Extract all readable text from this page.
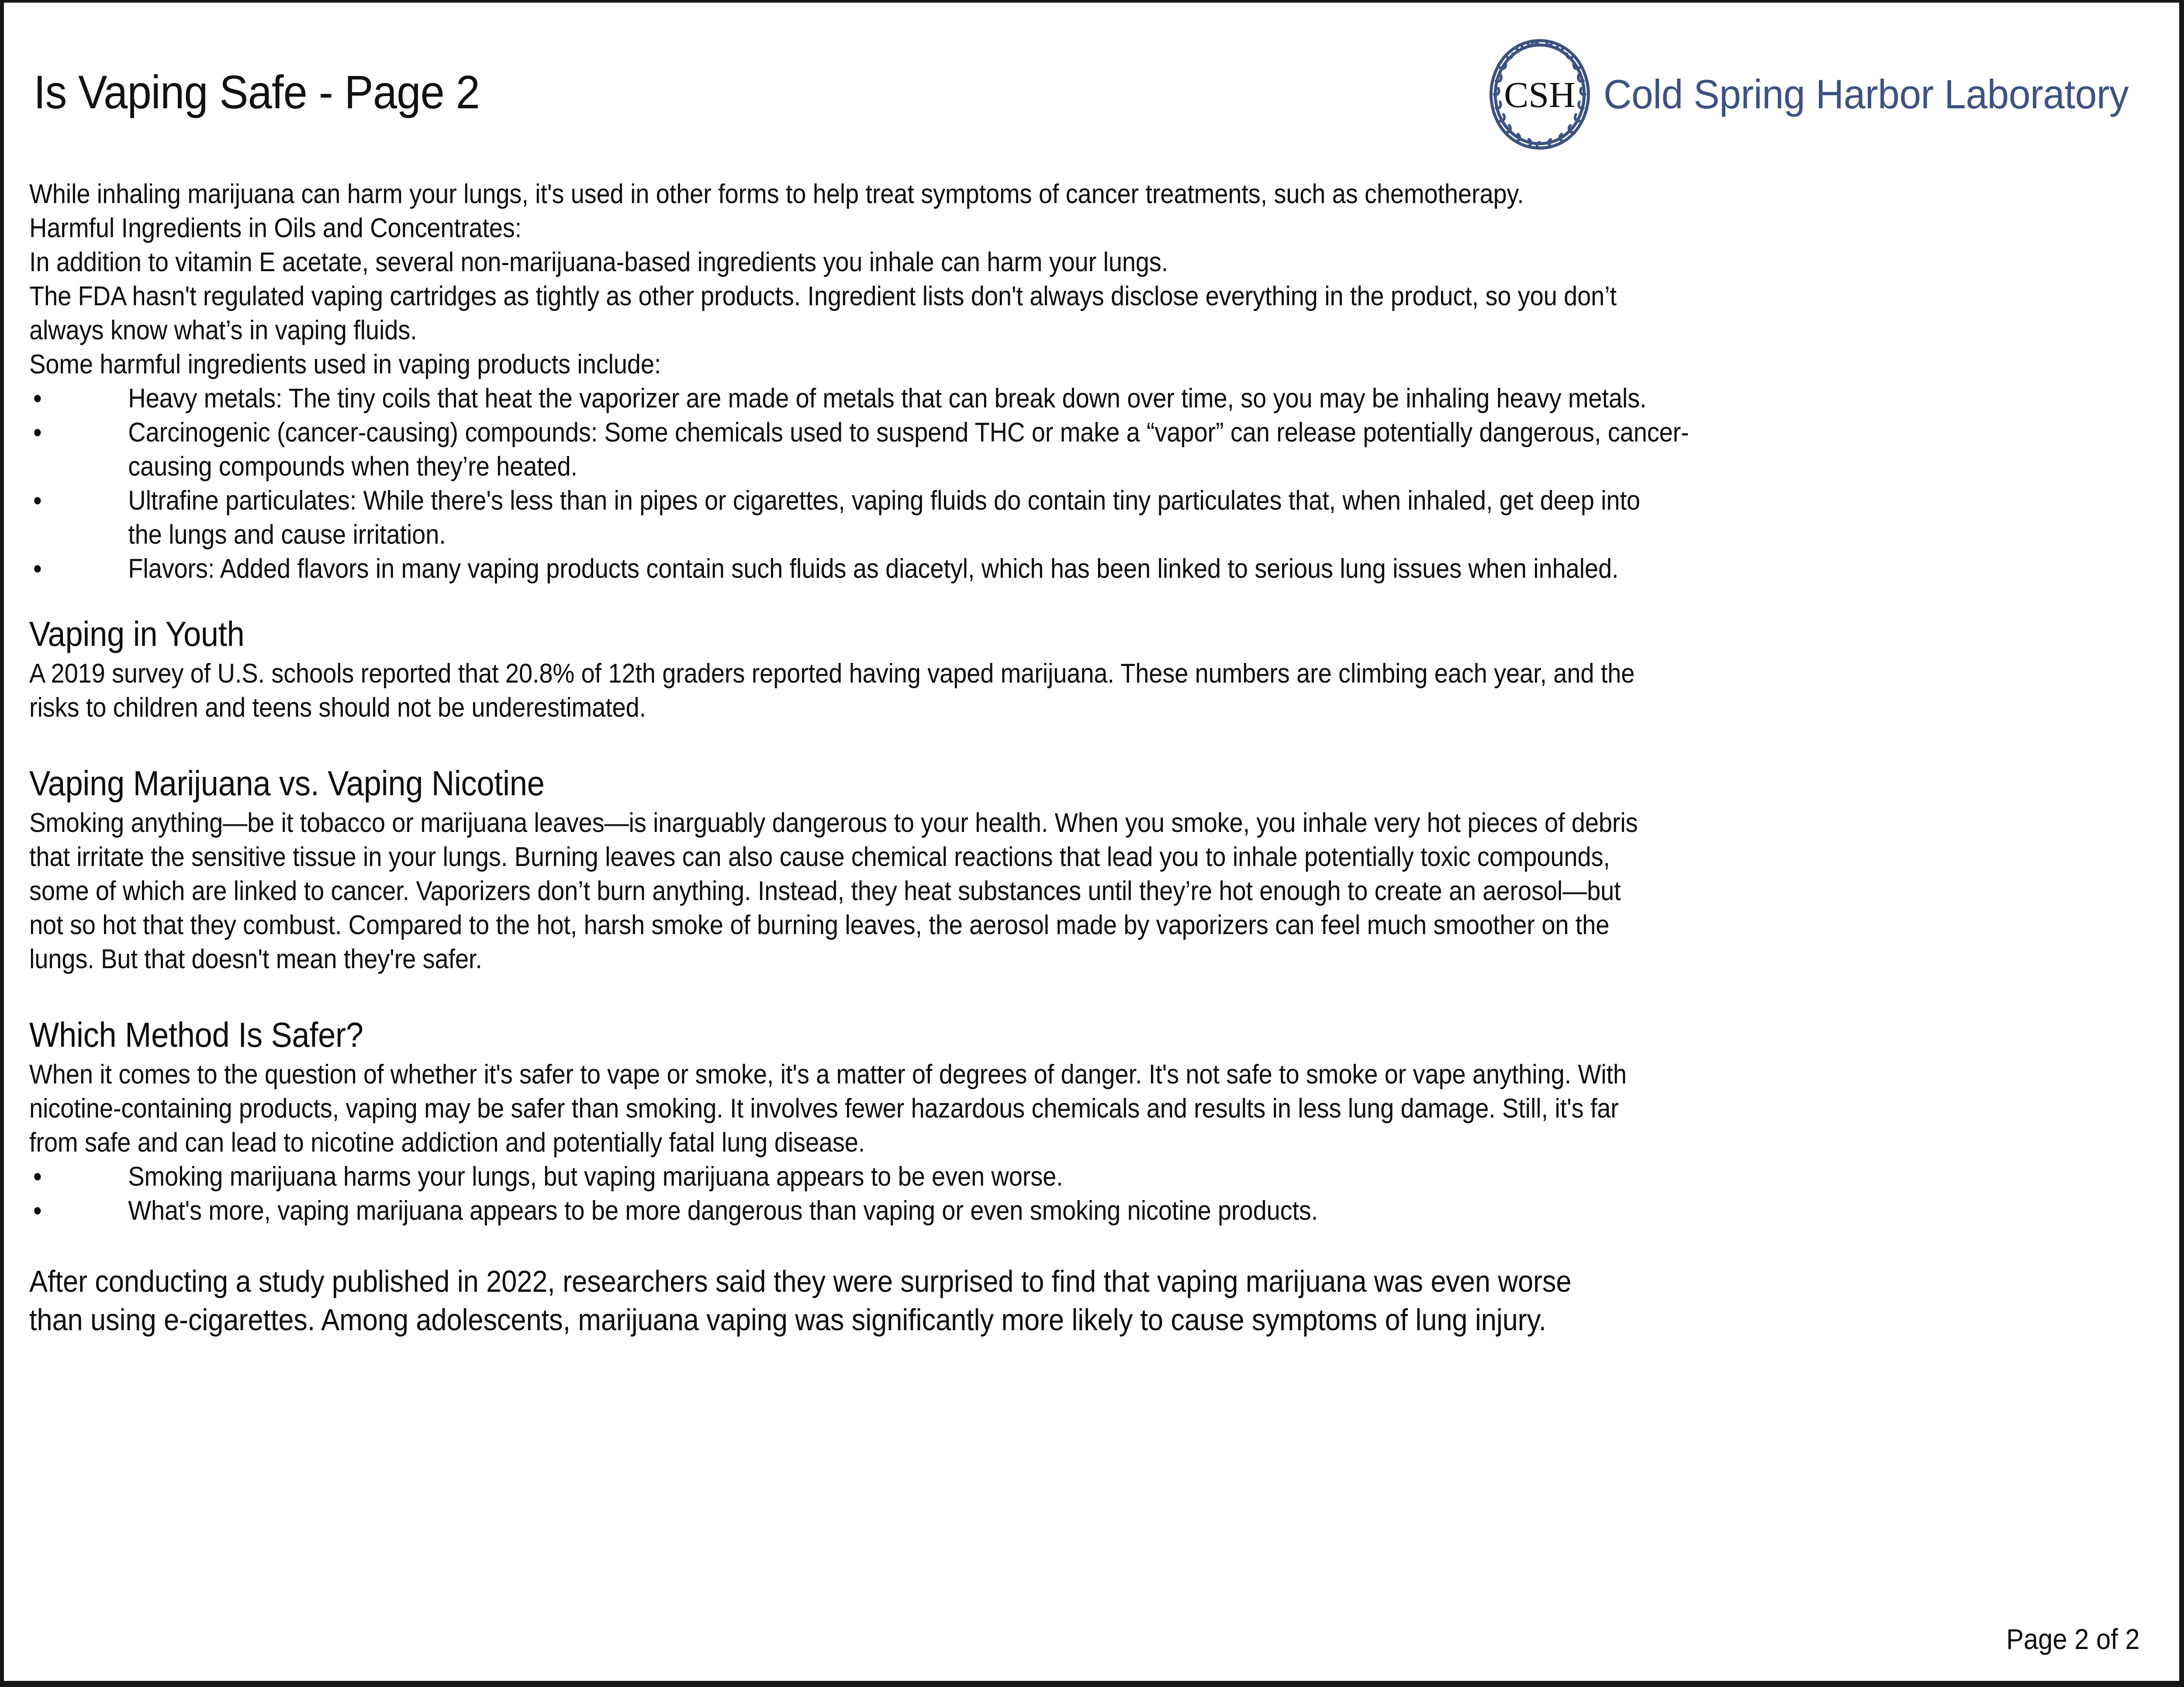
Is Vaping Safe - Page 2	CSH Cold Spring Harbor Laboratory
While inhaling marijuana can harm your lungs, it's used in other forms to help treat symptoms of cancer treatments, such as chemotherapy.
Harmful Ingredients in Oils and Concentrates:
In addition to vitamin E acetate, several non-marijuana-based ingredients you inhale can harm your lungs.
The FDA hasn't regulated vaping cartridges as tightly as other products. Ingredient lists don't always disclose everything in the product, so you don’t
always know what’s in vaping fluids.
Some harmful ingredients used in vaping products include:
•	Heavy metals: The tiny coils that heat the vaporizer are made of metals that can break down over time, so you may be inhaling heavy metals.
•	Carcinogenic (cancer-causing) compounds: Some chemicals used to suspend THC or make a “vapor” can release potentially dangerous, cancer-
causing compounds when they’re heated.
•	Ultrafine particulates: While there's less than in pipes or cigarettes, vaping fluids do contain tiny particulates that, when inhaled, get deep into
the lungs and cause irritation.
•	Flavors: Added flavors in many vaping products contain such fluids as diacetyl, which has been linked to serious lung issues when inhaled.
Vaping in Youth
A 2019 survey of U.S. schools reported that 20.8% of 12th graders reported having vaped marijuana. These numbers are climbing each year, and the
risks to children and teens should not be underestimated.
Vaping Marijuana vs. Vaping Nicotine
Smoking anything—be it tobacco or marijuana leaves—is inarguably dangerous to your health. When you smoke, you inhale very hot pieces of debris
that irritate the sensitive tissue in your lungs. Burning leaves can also cause chemical reactions that lead you to inhale potentially toxic compounds,
some of which are linked to cancer. Vaporizers don’t burn anything. Instead, they heat substances until they’re hot enough to create an aerosol—but
not so hot that they combust. Compared to the hot, harsh smoke of burning leaves, the aerosol made by vaporizers can feel much smoother on the
lungs. But that doesn't mean they're safer.
Which Method Is Safer?
When it comes to the question of whether it's safer to vape or smoke, it's a matter of degrees of danger. It's not safe to smoke or vape anything. With
nicotine-containing products, vaping may be safer than smoking. It involves fewer hazardous chemicals and results in less lung damage. Still, it's far
from safe and can lead to nicotine addiction and potentially fatal lung disease.
•	Smoking marijuana harms your lungs, but vaping marijuana appears to be even worse.
•	What's more, vaping marijuana appears to be more dangerous than vaping or even smoking nicotine products.
After conducting a study published in 2022, researchers said they were surprised to find that vaping marijuana was even worse
than using e-cigarettes. Among adolescents, marijuana vaping was significantly more likely to cause symptoms of lung injury.
Page 2 of 2
